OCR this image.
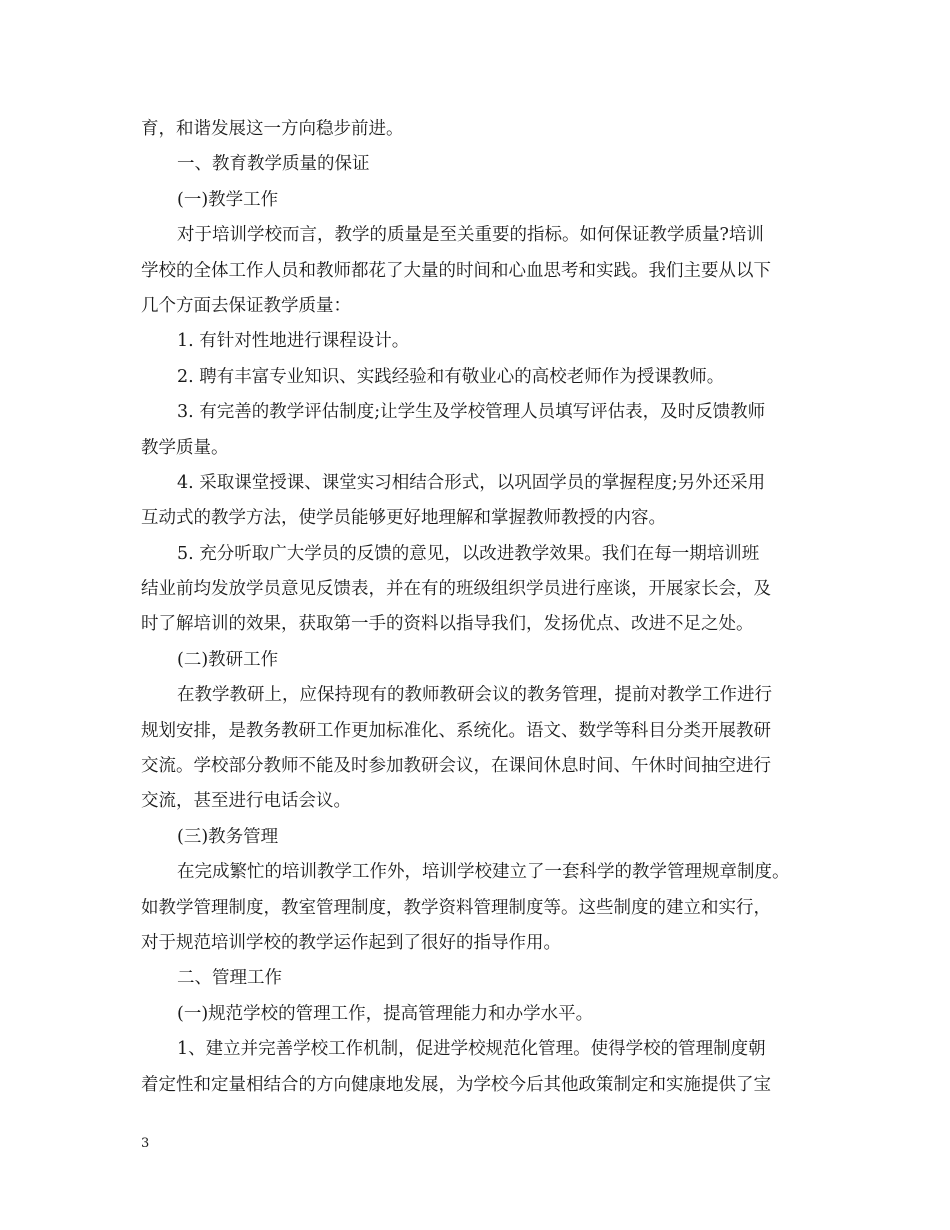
育，和谐发展这一方向稳步前进。
一、教育教学质量的保证
(一)教学工作
对于培训学校而言，教学的质量是至关重要的指标。如何保证教学质量?培训
学校的全体工作人员和教师都花了大量的时间和心血思考和实践。我们主要从以下
几个方面去保证教学质量：
1. 有针对性地进行课程设计。
2. 聘有丰富专业知识、实践经验和有敬业心的高校老师作为授课教师。
3. 有完善的教学评估制度;让学生及学校管理人员填写评估表，及时反馈教师
教学质量。
4. 采取课堂授课、课堂实习相结合形式，以巩固学员的掌握程度;另外还采用
互动式的教学方法，使学员能够更好地理解和掌握教师教授的内容。
5. 充分听取广大学员的反馈的意见，以改进教学效果。我们在每一期培训班
结业前均发放学员意见反馈表，并在有的班级组织学员进行座谈，开展家长会，及
时了解培训的效果，获取第一手的资料以指导我们，发扬优点、改进不足之处。
(二)教研工作
在教学教研上，应保持现有的教师教研会议的教务管理，提前对教学工作进行
规划安排，是教务教研工作更加标准化、系统化。语文、数学等科目分类开展教研
交流。学校部分教师不能及时参加教研会议，在课间休息时间、午休时间抽空进行
交流，甚至进行电话会议。
(三)教务管理
在完成繁忙的培训教学工作外，培训学校建立了一套科学的教学管理规章制度。
如教学管理制度，教室管理制度，教学资料管理制度等。这些制度的建立和实行，
对于规范培训学校的教学运作起到了很好的指导作用。
二、管理工作
(一)规范学校的管理工作，提高管理能力和办学水平。
1、建立并完善学校工作机制，促进学校规范化管理。使得学校的管理制度朝
着定性和定量相结合的方向健康地发展，为学校今后其他政策制定和实施提供了宝
3
